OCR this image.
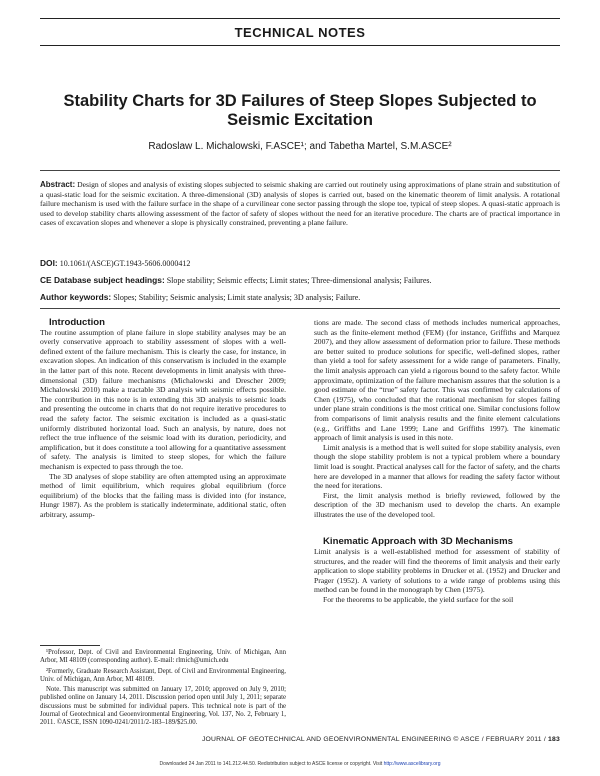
TECHNICAL NOTES
Stability Charts for 3D Failures of Steep Slopes Subjected to Seismic Excitation
Radoslaw L. Michalowski, F.ASCE¹; and Tabetha Martel, S.M.ASCE²
Abstract: Design of slopes and analysis of existing slopes subjected to seismic shaking are carried out routinely using approximations of plane strain and substitution of a quasi-static load for the seismic excitation. A three-dimensional (3D) analysis of slopes is carried out, based on the kinematic theorem of limit analysis. A rotational failure mechanism is used with the failure surface in the shape of a curvilinear cone sector passing through the slope toe, typical of steep slopes. A quasi-static approach is used to develop stability charts allowing assessment of the factor of safety of slopes without the need for an iterative procedure. The charts are of practical importance in cases of excavation slopes and whenever a slope is physically constrained, preventing a plane failure.
DOI: 10.1061/(ASCE)GT.1943-5606.0000412
CE Database subject headings: Slope stability; Seismic effects; Limit states; Three-dimensional analysis; Failures.
Author keywords: Slopes; Stability; Seismic analysis; Limit state analysis; 3D analysis; Failure.

Introduction

The routine assumption of plane failure in slope stability analyses may be an overly conservative approach to stability assessment of slopes with a well-defined extent of the failure mechanism. This is clearly the case, for instance, in excavation slopes. An indication of this conservatism is included in the example in the latter part of this note. Recent developments in limit analysis with three-dimensional (3D) failure mechanisms (Michalowski and Drescher 2009; Michalowski 2010) make a tractable 3D analysis with seismic effects possible. The contribution in this note is in extending this 3D analysis to seismic loads and presenting the outcome in charts that do not require iterative procedures to read the safety factor. The seismic excitation is included as a quasi-static uniformly distributed horizontal load. Such an analysis, by nature, does not reflect the true influence of the seismic load with its duration, periodicity, and amplification, but it does constitute a tool allowing for a quantitative assessment of safety. The analysis is limited to steep slopes, for which the failure mechanism is expected to pass through the toe.

The 3D analyses of slope stability are often attempted using an approximate method of limit equilibrium, which requires global equilibrium (force equilibrium) of the blocks that the failing mass is divided into (for instance, Hungr 1987). As the problem is statically indeterminate, additional static, often arbitrary, assump-

¹Professor, Dept. of Civil and Environmental Engineering, Univ. of Michigan, Ann Arbor, MI 48109 (corresponding author). E-mail: rlmich@umich.edu

²Formerly, Graduate Research Assistant, Dept. of Civil and Environmental Engineering, Univ. of Michigan, Ann Arbor, MI 48109.

Note. This manuscript was submitted on January 17, 2010; approved on July 9, 2010; published online on January 14, 2011. Discussion period open until July 1, 2011; separate discussions must be submitted for individual papers. This technical note is part of the Journal of Geotechnical and Geoenvironmental Engineering, Vol. 137, No. 2, February 1, 2011. ©ASCE, ISSN 1090-0241/2011/2-183–189/$25.00.

tions are made. The second class of methods includes numerical approaches, such as the finite-element method (FEM) (for instance, Griffiths and Marquez 2007), and they allow assessment of deformation prior to failure. These methods are better suited to produce solutions for specific, well-defined slopes, rather than yield a tool for safety assessment for a wide range of parameters. Finally, the limit analysis approach can yield a rigorous bound to the safety factor. While approximate, optimization of the failure mechanism assures that the solution is a good estimate of the “true” safety factor. This was confirmed by calculations of Chen (1975), who concluded that the rotational mechanism for slopes failing under plane strain conditions is the most critical one. Similar conclusions follow from comparisons of limit analysis results and the finite element calculations (e.g., Griffiths and Lane 1999; Lane and Griffiths 1997). The kinematic approach of limit analysis is used in this note.

Limit analysis is a method that is well suited for slope stability analysis, even though the slope stability problem is not a typical problem where a boundary limit load is sought. Practical analyses call for the factor of safety, and the charts here are developed in a manner that allows for reading the safety factor without the need for iterations.

First, the limit analysis method is briefly reviewed, followed by the description of the 3D mechanism used to develop the charts. An example illustrates the use of the developed tool.

Kinematic Approach with 3D Mechanisms

Limit analysis is a well-established method for assessment of stability of structures, and the reader will find the theorems of limit analysis and their early application to slope stability problems in Drucker et al. (1952) and Drucker and Prager (1952). A variety of solutions to a wide range of problems using this method can be found in the monograph by Chen (1975).

For the theorems to be applicable, the yield surface for the soil

JOURNAL OF GEOTECHNICAL AND GEOENVIRONMENTAL ENGINEERING © ASCE / FEBRUARY 2011 / 183
Downloaded 24 Jan 2011 to 141.212.44.50. Redistribution subject to ASCE license or copyright. Visit http://www.ascelibrary.org
